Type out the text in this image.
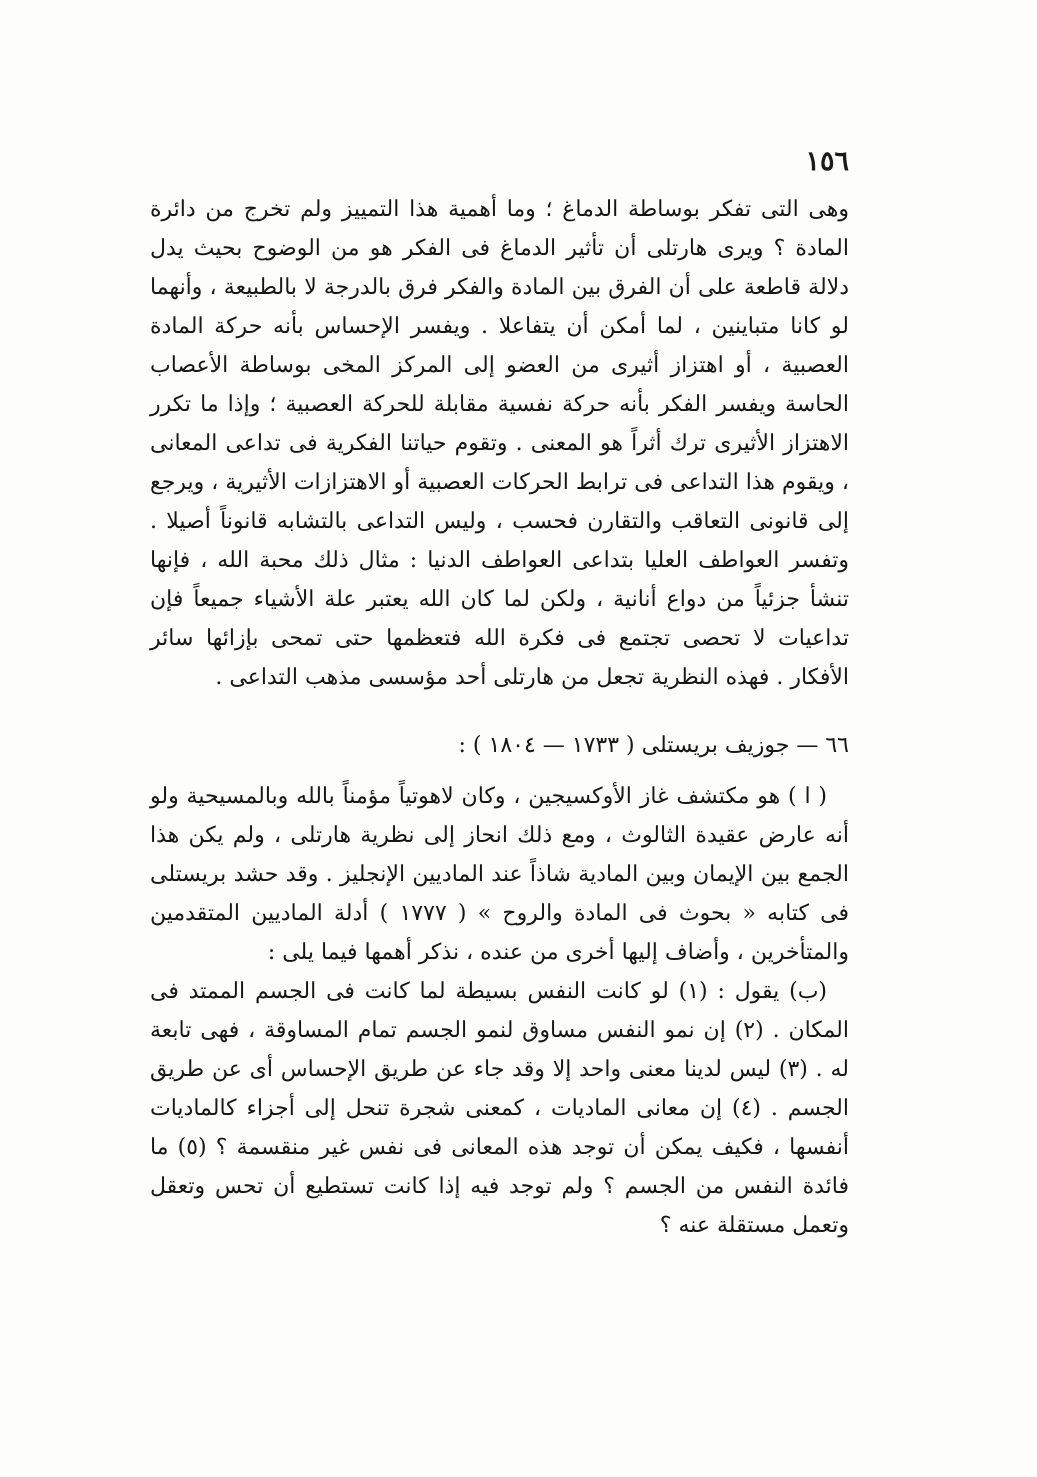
١٥٦

وهى التى تفكر بوساطة الدماغ ؛ وما أهمية هذا التمييز ولم تخرج من دائرة المادة ؟ ويرى هارتلى أن تأثير الدماغ فى الفكر هو من الوضوح بحيث يدل دلالة قاطعة على أن الفرق بين المادة والفكر فرق بالدرجة لا بالطبيعة ، وأنهما لو كانا متباينين ، لما أمكن أن يتفاعلا . ويفسر الإحساس بأنه حركة المادة العصبية ، أو اهتزاز أثيرى من العضو إلى المركز المخى بوساطة الأعصاب الحاسة ويفسر الفكر بأنه حركة نفسية مقابلة للحركة العصبية ؛ وإذا ما تكرر الاهتزاز الأثيرى ترك أثراً هو المعنى . وتقوم حياتنا الفكرية فى تداعى المعانى ، ويقوم هذا التداعى فى ترابط الحركات العصبية أو الاهتزازات الأثيرية ، ويرجع إلى قانونى التعاقب والتقارن فحسب ، وليس التداعى بالتشابه قانوناً أصيلا . وتفسر العواطف العليا بتداعى العواطف الدنيا : مثال ذلك محبة الله ، فإنها تنشأ جزئياً من دواع أنانية ، ولكن لما كان الله يعتبر علة الأشياء جميعاً فإن تداعيات لا تحصى تجتمع فى فكرة الله فتعظمها حتى تمحى بإزائها سائر الأفكار . فهذه النظرية تجعل من هارتلى أحد مؤسسى مذهب التداعى .

٦٦ — جوزيف بريستلى ( ١٧٣٣ — ١٨٠٤ ) :

( ا ) هو مكتشف غاز الأوكسيجين ، وكان لاهوتياً مؤمناً بالله وبالمسيحية ولو أنه عارض عقيدة الثالوث ، ومع ذلك انحاز إلى نظرية هارتلى ، ولم يكن هذا الجمع بين الإيمان وبين المادية شاذاً عند الماديين الإنجليز . وقد حشد بريستلى فى كتابه « بحوث فى المادة والروح » ( ١٧٧٧ ) أدلة الماديين المتقدمين والمتأخرين ، وأضاف إليها أخرى من عنده ، نذكر أهمها فيما يلى :

(ب) يقول : (١) لو كانت النفس بسيطة لما كانت فى الجسم الممتد فى المكان . (٢) إن نمو النفس مساوق لنمو الجسم تمام المساوقة ، فهى تابعة له . (٣) ليس لدينا معنى واحد إلا وقد جاء عن طريق الإحساس أى عن طريق الجسم . (٤) إن معانى الماديات ، كمعنى شجرة تنحل إلى أجزاء كالماديات أنفسها ، فكيف يمكن أن توجد هذه المعانى فى نفس غير منقسمة ؟ (٥) ما فائدة النفس من الجسم ؟ ولم توجد فيه إذا كانت تستطيع أن تحس وتعقل وتعمل مستقلة عنه ؟
